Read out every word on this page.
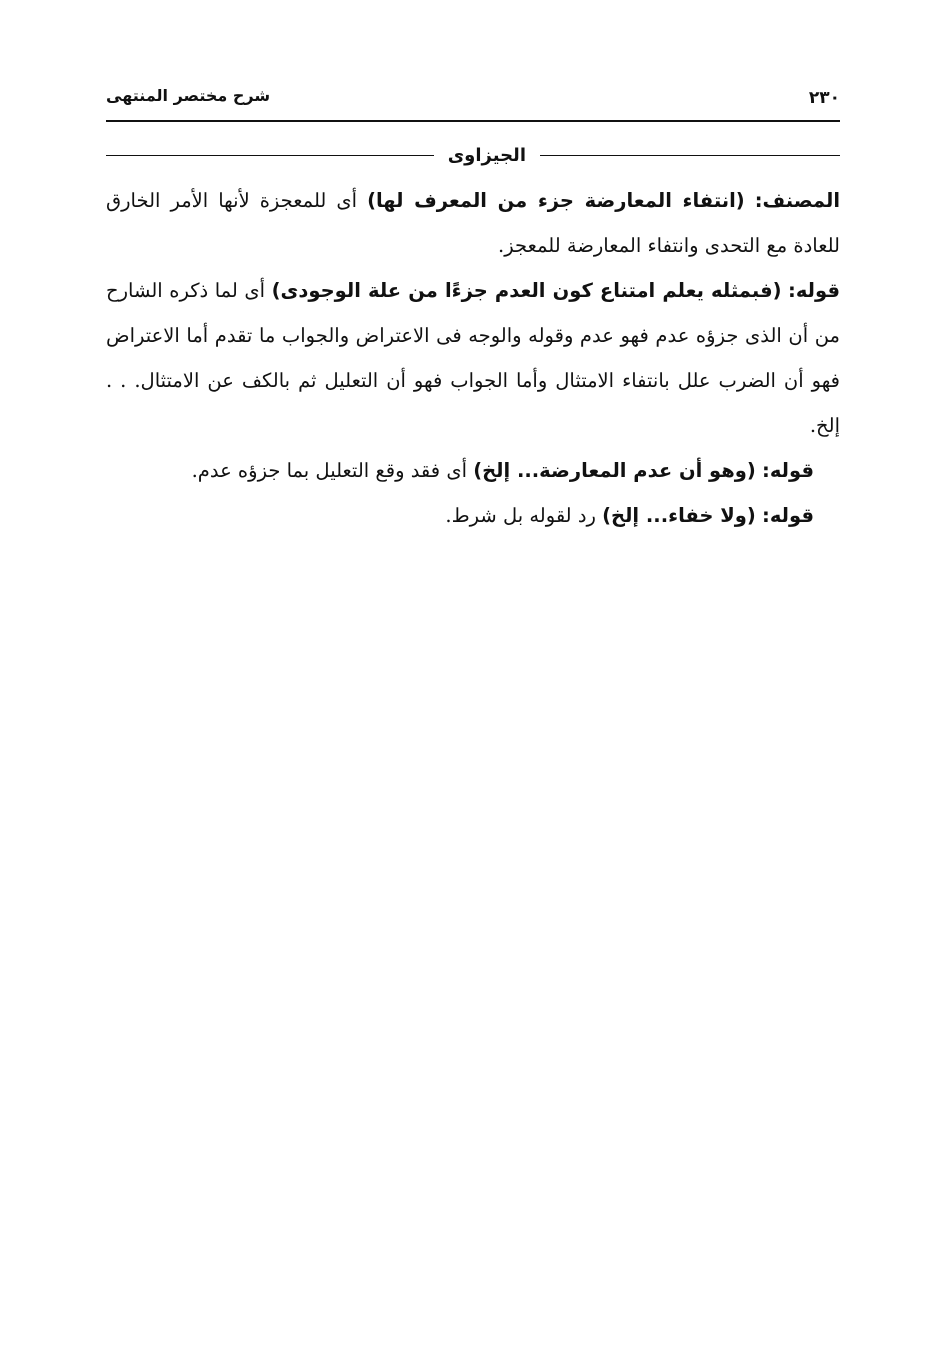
٢٣٠
شرح مختصر المنتهى
الجيزاوى

المصنف: (انتفاء المعارضة جزء من المعرف لها) أى للمعجزة لأنها الأمر الخارق للعادة مع التحدى وانتفاء المعارضة للمعجز.

قوله: (فبمثله يعلم امتناع كون العدم جزءًا من علة الوجودى) أى لما ذكره الشارح من أن الذى جزؤه عدم فهو عدم وقوله والوجه فى الاعتراض والجواب ما تقدم أما الاعتراض فهو أن الضرب علل بانتفاء الامتثال وأما الجواب فهو أن التعليل ثم بالكف عن الامتثال. . . إلخ.

قوله: (وهو أن عدم المعارضة... إلخ) أى فقد وقع التعليل بما جزؤه عدم.

قوله: (ولا خفاء... إلخ) رد لقوله بل شرط.
